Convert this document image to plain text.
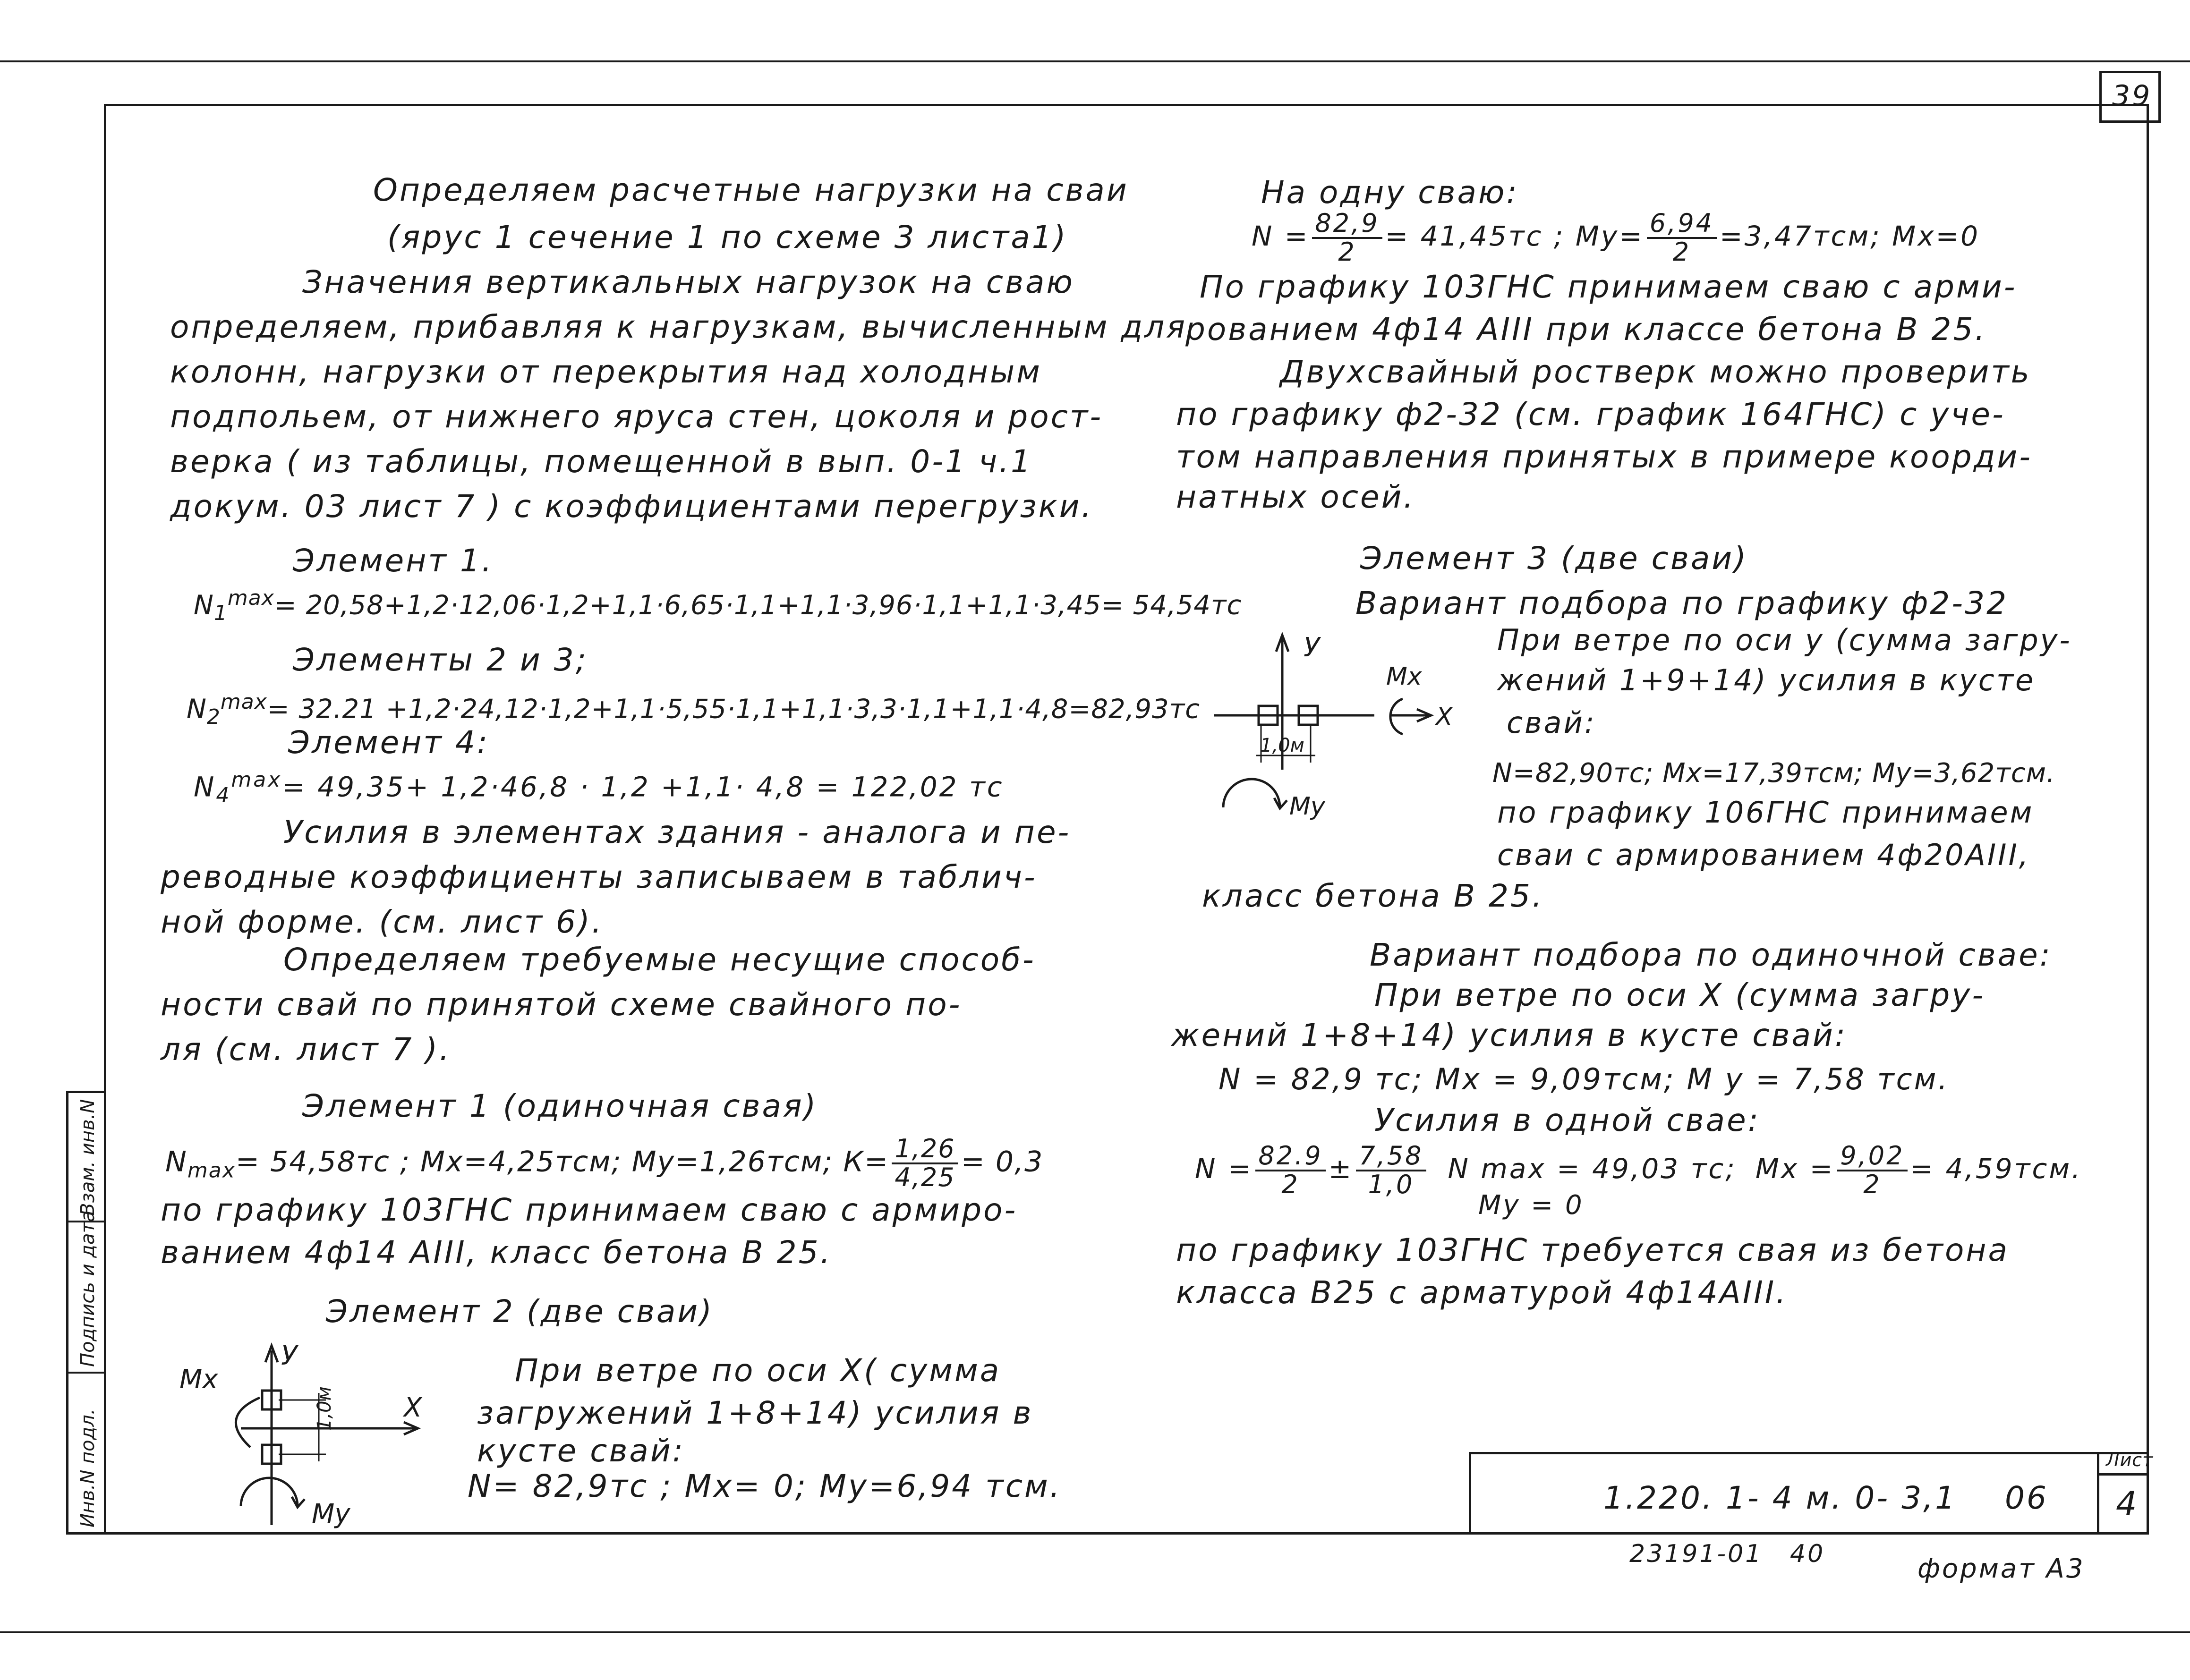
39
Инв.N подл.
Подпись и дата
Взам. инв.N
Определяем расчетные нагрузки на сваи
(ярус 1 сечение 1 по схеме 3 листа1)
Значения вертикальных нагрузок на сваю
определяем, прибавляя к нагрузкам, вычисленным для
колонн, нагрузки от перекрытия над холодным
подпольем, от нижнего яруса стен, цоколя и рост-
верка ( из таблицы, помещенной в вып. 0-1 ч.1
докум. 03 лист 7 ) с коэффициентами перегрузки.
Элемент 1.
$N_1^{max}= 20,58+1,2\cdot 12,06\cdot 1,2+1,1\cdot 6,65\cdot 1,1+1,1\cdot 3,96\cdot 1,1+1,1\cdot 3,45= 54,54тс$
Элементы 2 и 3;
$N_2^{max}= 32.21 +1,2\cdot 24,12\cdot 1,2+1,1\cdot 5,55\cdot 1,1+1,1\cdot 3,3\cdot 1,1+1,1\cdot 4,8=82,93тс$
Элемент 4:
$N_4^{max}= 49,35+ 1,2\cdot 46,8 \cdot 1,2 +1,1\cdot 4,8 = 122,02$ тс
Усилия в элементах здания - аналога и пе-
реводные коэффициенты записываем в таблич-
ной форме. (см. лист 6).
Определяем требуемые несущие способ-
ности свай по принятой схеме свайного по-
ля (см. лист 7 ).
Элемент 1 (одиночная свая)
$N_{max}= 54,58тс$ ; Мх=4,25тсм; Му=1,26тсм; $К= \frac{1,26}{4,25} = 0,3$
по графику 103ГНС принимаем сваю с армиро-
ванием 4ф14 АIII, класс бетона В 25.
Элемент 2 (две сваи)
При ветре по оси Х( сумма
загружений 1+8+14) усилия в
кусте свай:
N= 82,9тс ; Мх= 0; Му=6,94 тсм.
Мх
У
Х
1,0м
Му
На одну сваю:
$N = \frac{82,9}{2} = 41,45тс$ ; $Му= \frac{6,94}{2} =3,47тсм$; Мх=0
По графику 103ГНС принимаем сваю с арми-
рованием 4ф14 АIII при классе бетона В 25.
Двухсвайный ростверк можно проверить
по графику ф2-32 (см. график 164ГНС) с уче-
том направления принятых в примере коорди-
натных осей.
Элемент 3 (две сваи)
Вариант подбора по графику ф2-32
При ветре по оси у (сумма загру-
жений 1+9+14) усилия в кусте
свай:
N=82,90тс; Мх=17,39тсм; Му=3,62тсм.
по графику 106ГНС принимаем
сваи с армированием 4ф20АIII,
класс бетона В 25.
У
Мх
Х
1,0м
Му
Вариант подбора по одиночной свае:
При ветре по оси Х (сумма загру-
жений 1+8+14) усилия в кусте свай:
N = 82,9 тс; Мх = 9,09тсм; М у = 7,58 тсм.
Усилия в одной свае:
$N = \frac{82.9}{2} \pm \frac{7,58}{1,0}$ N max = 49,03 тс; Мх = $\frac{9,02}{2} = 4,59тсм$.
Му = 0
по графику 103ГНС требуется свая из бетона
класса В25 с арматурой 4ф14АIII.
1.220. 1- 4 м. 0- 3,1 06
Лист
4
23191-01 40	формат А3
